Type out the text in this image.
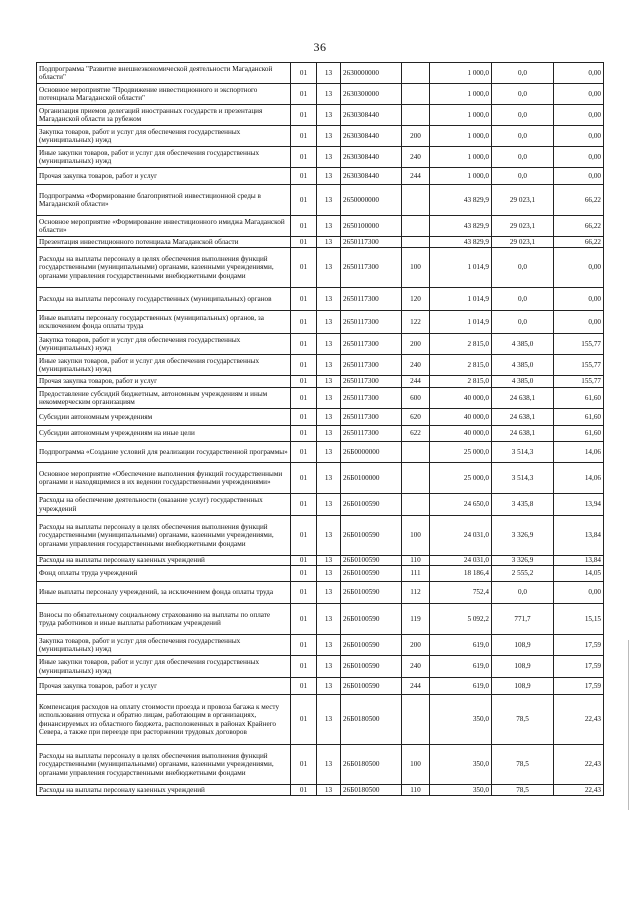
36
Подпрограмма "Развитие внешнеэкономической деятельности Магаданской области"	01	13	2630000000		1 000,0	0,0	0,00
Основное мероприятие "Продвижение инвестиционного и экспортного потенциала Магаданской области"	01	13	2630300000		1 000,0	0,0	0,00
Организация приемов делегаций иностранных государств и презентация Магаданской области за рубежом	01	13	2630308440		1 000,0	0,0	0,00
Закупка товаров, работ и услуг для обеспечения государственных (муниципальных) нужд	01	13	2630308440	200	1 000,0	0,0	0,00
Иные закупки товаров, работ и услуг для обеспечения государственных (муниципальных) нужд	01	13	2630308440	240	1 000,0	0,0	0,00
Прочая закупка товаров, работ и услуг	01	13	2630308440	244	1 000,0	0,0	0,00
Подпрограмма «Формирование благоприятной инвестиционной среды в Магаданской области»	01	13	2650000000		43 829,9	29 023,1	66,22
Основное мероприятие «Формирование инвестиционного имиджа Магаданской области»	01	13	2650100000		43 829,9	29 023,1	66,22
Презентация инвестиционного потенциала Магаданской области	01	13	2650117300		43 829,9	29 023,1	66,22
Расходы на выплаты персоналу в целях обеспечения выполнения функций государственными (муниципальными) органами, казенными учреждениями, органами управления государственными внебюджетными фондами	01	13	2650117300	100	1 014,9	0,0	0,00
Расходы на выплаты персоналу государственных (муниципальных) органов	01	13	2650117300	120	1 014,9	0,0	0,00
Иные выплаты персоналу государственных (муниципальных) органов, за исключением фонда оплаты труда	01	13	2650117300	122	1 014,9	0,0	0,00
Закупка товаров, работ и услуг для обеспечения государственных (муниципальных) нужд	01	13	2650117300	200	2 815,0	4 385,0	155,77
Иные закупки товаров, работ и услуг для обеспечения государственных (муниципальных) нужд	01	13	2650117300	240	2 815,0	4 385,0	155,77
Прочая закупка товаров, работ и услуг	01	13	2650117300	244	2 815,0	4 385,0	155,77
Предоставление субсидий бюджетным, автономным учреждениям и иным некоммерческим организациям	01	13	2650117300	600	40 000,0	24 638,1	61,60
Субсидии автономным учреждениям	01	13	2650117300	620	40 000,0	24 638,1	61,60
Субсидии автономным учреждениям на иные цели	01	13	2650117300	622	40 000,0	24 638,1	61,60
Подпрограмма «Создание условий для реализации государственной программы»	01	13	26Б0000000		25 000,0	3 514,3	14,06
Основное мероприятие «Обеспечение выполнения функций государственными органами и находящимися в их ведении государственными учреждениями»	01	13	26Б0100000		25 000,0	3 514,3	14,06
Расходы на обеспечение деятельности (оказание услуг) государственных учреждений	01	13	26Б0100590		24 650,0	3 435,8	13,94
Расходы на выплаты персоналу в целях обеспечения выполнения функций государственными (муниципальными) органами, казенными учреждениями, органами управления государственными внебюджетными фондами	01	13	26Б0100590	100	24 031,0	3 326,9	13,84
Расходы на выплаты персоналу казенных учреждений	01	13	26Б0100590	110	24 031,0	3 326,9	13,84
Фонд оплаты труда учреждений	01	13	26Б0100590	111	18 186,4	2 555,2	14,05
Иные выплаты персоналу учреждений, за исключением фонда оплаты труда	01	13	26Б0100590	112	752,4	0,0	0,00
Взносы по обязательному социальному страхованию на выплаты по оплате труда работников и иные выплаты работникам учреждений	01	13	26Б0100590	119	5 092,2	771,7	15,15
Закупка товаров, работ и услуг для обеспечения государственных (муниципальных) нужд	01	13	26Б0100590	200	619,0	108,9	17,59
Иные закупки товаров, работ и услуг для обеспечения государственных (муниципальных) нужд	01	13	26Б0100590	240	619,0	108,9	17,59
Прочая закупка товаров, работ и услуг	01	13	26Б0100590	244	619,0	108,9	17,59
Компенсация расходов на оплату стоимости проезда и провоза багажа к месту использования отпуска и обратно лицам, работающим в организациях, финансируемых из областного бюджета, расположенных в районах Крайнего Севера, а также при переезде при расторжении трудовых договоров	01	13	26Б0180500		350,0	78,5	22,43
Расходы на выплаты персоналу в целях обеспечения выполнения функций государственными (муниципальными) органами, казенными учреждениями, органами управления государственными внебюджетными фондами	01	13	26Б0180500	100	350,0	78,5	22,43
Расходы на выплаты персоналу казенных учреждений	01	13	26Б0180500	110	350,0	78,5	22,43
